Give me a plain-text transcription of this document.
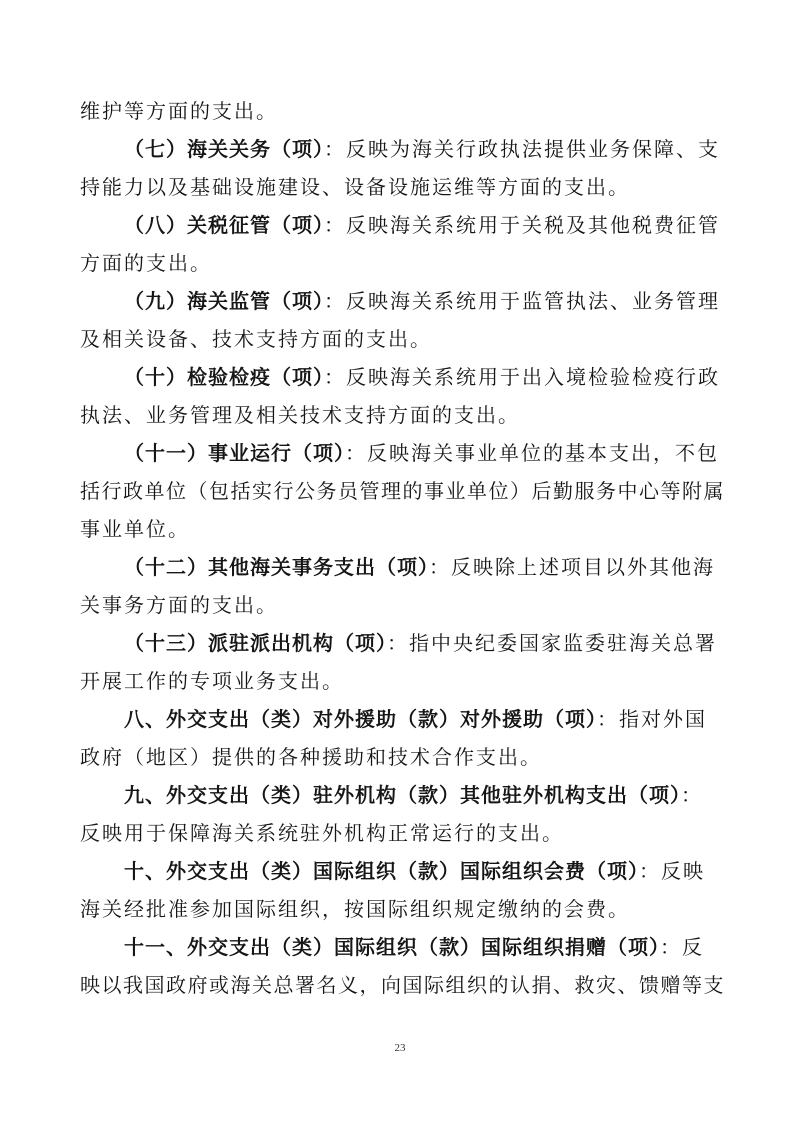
维护等方面的支出。
（七）海关关务（项）：反映为海关行政执法提供业务保障、支
持能力以及基础设施建设、设备设施运维等方面的支出。
（八）关税征管（项）：反映海关系统用于关税及其他税费征管
方面的支出。
（九）海关监管（项）：反映海关系统用于监管执法、业务管理
及相关设备、技术支持方面的支出。
（十）检验检疫（项）：反映海关系统用于出入境检验检疫行政
执法、业务管理及相关技术支持方面的支出。
（十一）事业运行（项）：反映海关事业单位的基本支出，不包
括行政单位（包括实行公务员管理的事业单位）后勤服务中心等附属
事业单位。
（十二）其他海关事务支出（项）：反映除上述项目以外其他海
关事务方面的支出。
（十三）派驻派出机构（项）：指中央纪委国家监委驻海关总署
开展工作的专项业务支出。
八、外交支出（类）对外援助（款）对外援助（项）：指对外国
政府（地区）提供的各种援助和技术合作支出。
九、外交支出（类）驻外机构（款）其他驻外机构支出（项）：
反映用于保障海关系统驻外机构正常运行的支出。
十、外交支出（类）国际组织（款）国际组织会费（项）：反映
海关经批准参加国际组织，按国际组织规定缴纳的会费。
十一、外交支出（类）国际组织（款）国际组织捐赠（项）：反
映以我国政府或海关总署名义，向国际组织的认捐、救灾、馈赠等支
23
